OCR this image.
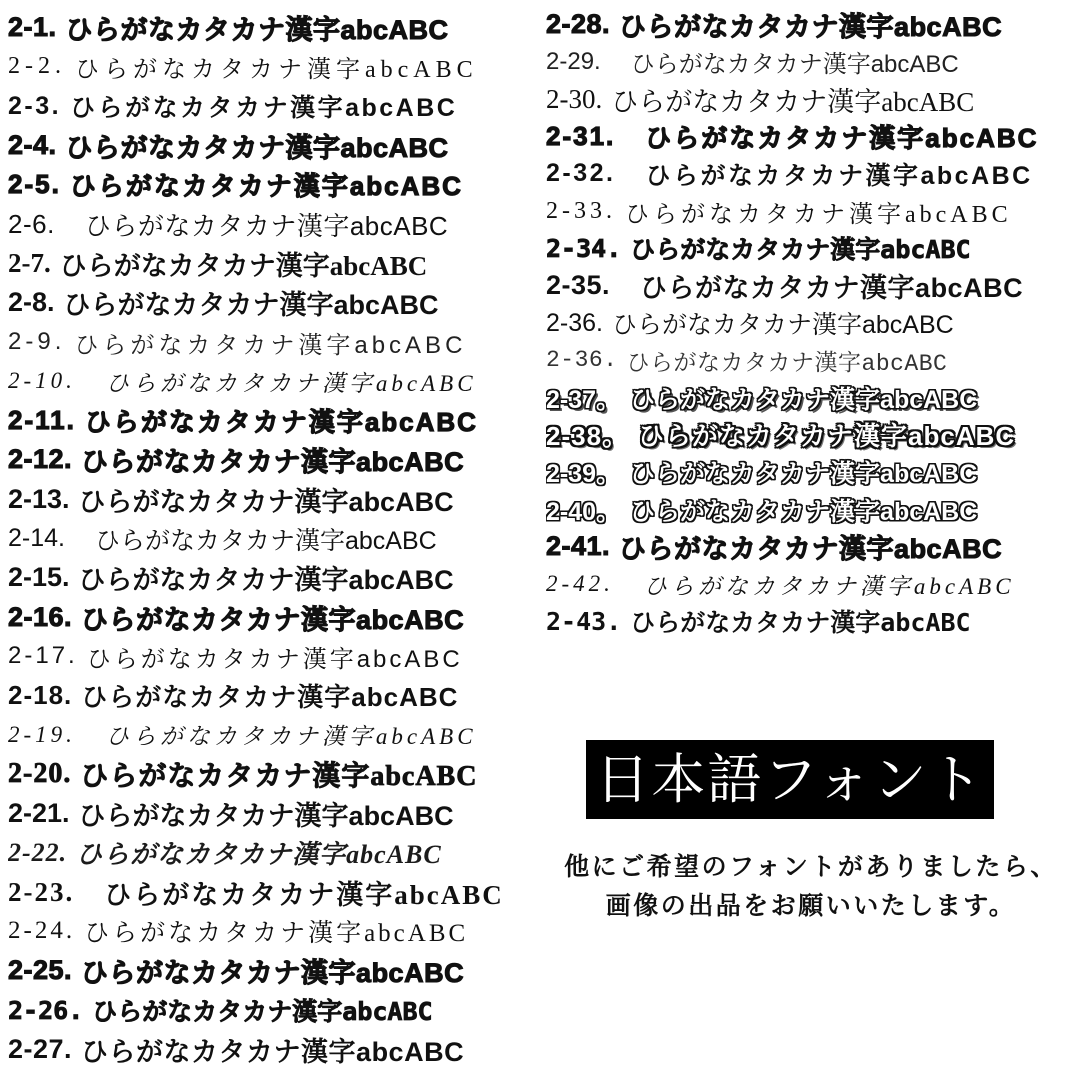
2-1. ひらがなカタカナ漢字abcABC
2-2. ひらがなカタカナ漢字abcABC
2-3. ひらがなカタカナ漢字abcABC
2-4. ひらがなカタカナ漢字abcABC
2-5. ひらがなカタカナ漢字abcABC
2-6. ひらがなカタカナ漢字abcABC
2-7. ひらがなカタカナ漢字abcABC
2-8. ひらがなカタカナ漢字abcABC
2-9. ひらがなカタカナ漢字abcABC
2-10. ひらがなカタカナ漢字abcABC
2-11. ひらがなカタカナ漢字abcABC
2-12. ひらがなカタカナ漢字abcABC
2-13. ひらがなカタカナ漢字abcABC
2-14. ひらがなカタカナ漢字abcABC
2-15. ひらがなカタカナ漢字abcABC
2-16. ひらがなカタカナ漢字abcABC
2-17. ひらがなカタカナ漢字abcABC
2-18. ひらがなカタカナ漢字abcABC
2-19. ひらがなカタカナ漢字abcABC
2-20. ひらがなカタカナ漢字abcABC
2-21. ひらがなカタカナ漢字abcABC
2-22. ひらがなカタカナ漢字abcABC
2-23. ひらがなカタカナ漢字abcABC
2-24. ひらがなカタカナ漢字abcABC
2-25. ひらがなカタカナ漢字abcABC
2-26. ひらがなカタカナ漢字abcABC
2-27. ひらがなカタカナ漢字abcABC
2-28. ひらがなカタカナ漢字abcABC
2-29. ひらがなカタカナ漢字abcABC
2-30. ひらがなカタカナ漢字abcABC
2-31. ひらがなカタカナ漢字abcABC
2-32. ひらがなカタカナ漢字abcABC
2-33. ひらがなカタカナ漢字abcABC
2-34. ひらがなカタカナ漢字abcABC
2-35. ひらがなカタカナ漢字abcABC
2-36. ひらがなカタカナ漢字abcABC
2-36. ひらがなカタカナ漢字abcABC
2-37。 ひらがなカタカナ漢字abcABC
2-38。 ひらがなカタカナ漢字abcABC
2-39。 ひらがなカタカナ漢字abcABC
2-40。 ひらがなカタカナ漢字abcABC
2-41. ひらがなカタカナ漢字abcABC
2-42. ひらがなカタカナ漢字abcABC
2-43. ひらがなカタカナ漢字abcABC
日本語フォント
他にご希望のフォントがありましたら、
画像の出品をお願いいたします。
